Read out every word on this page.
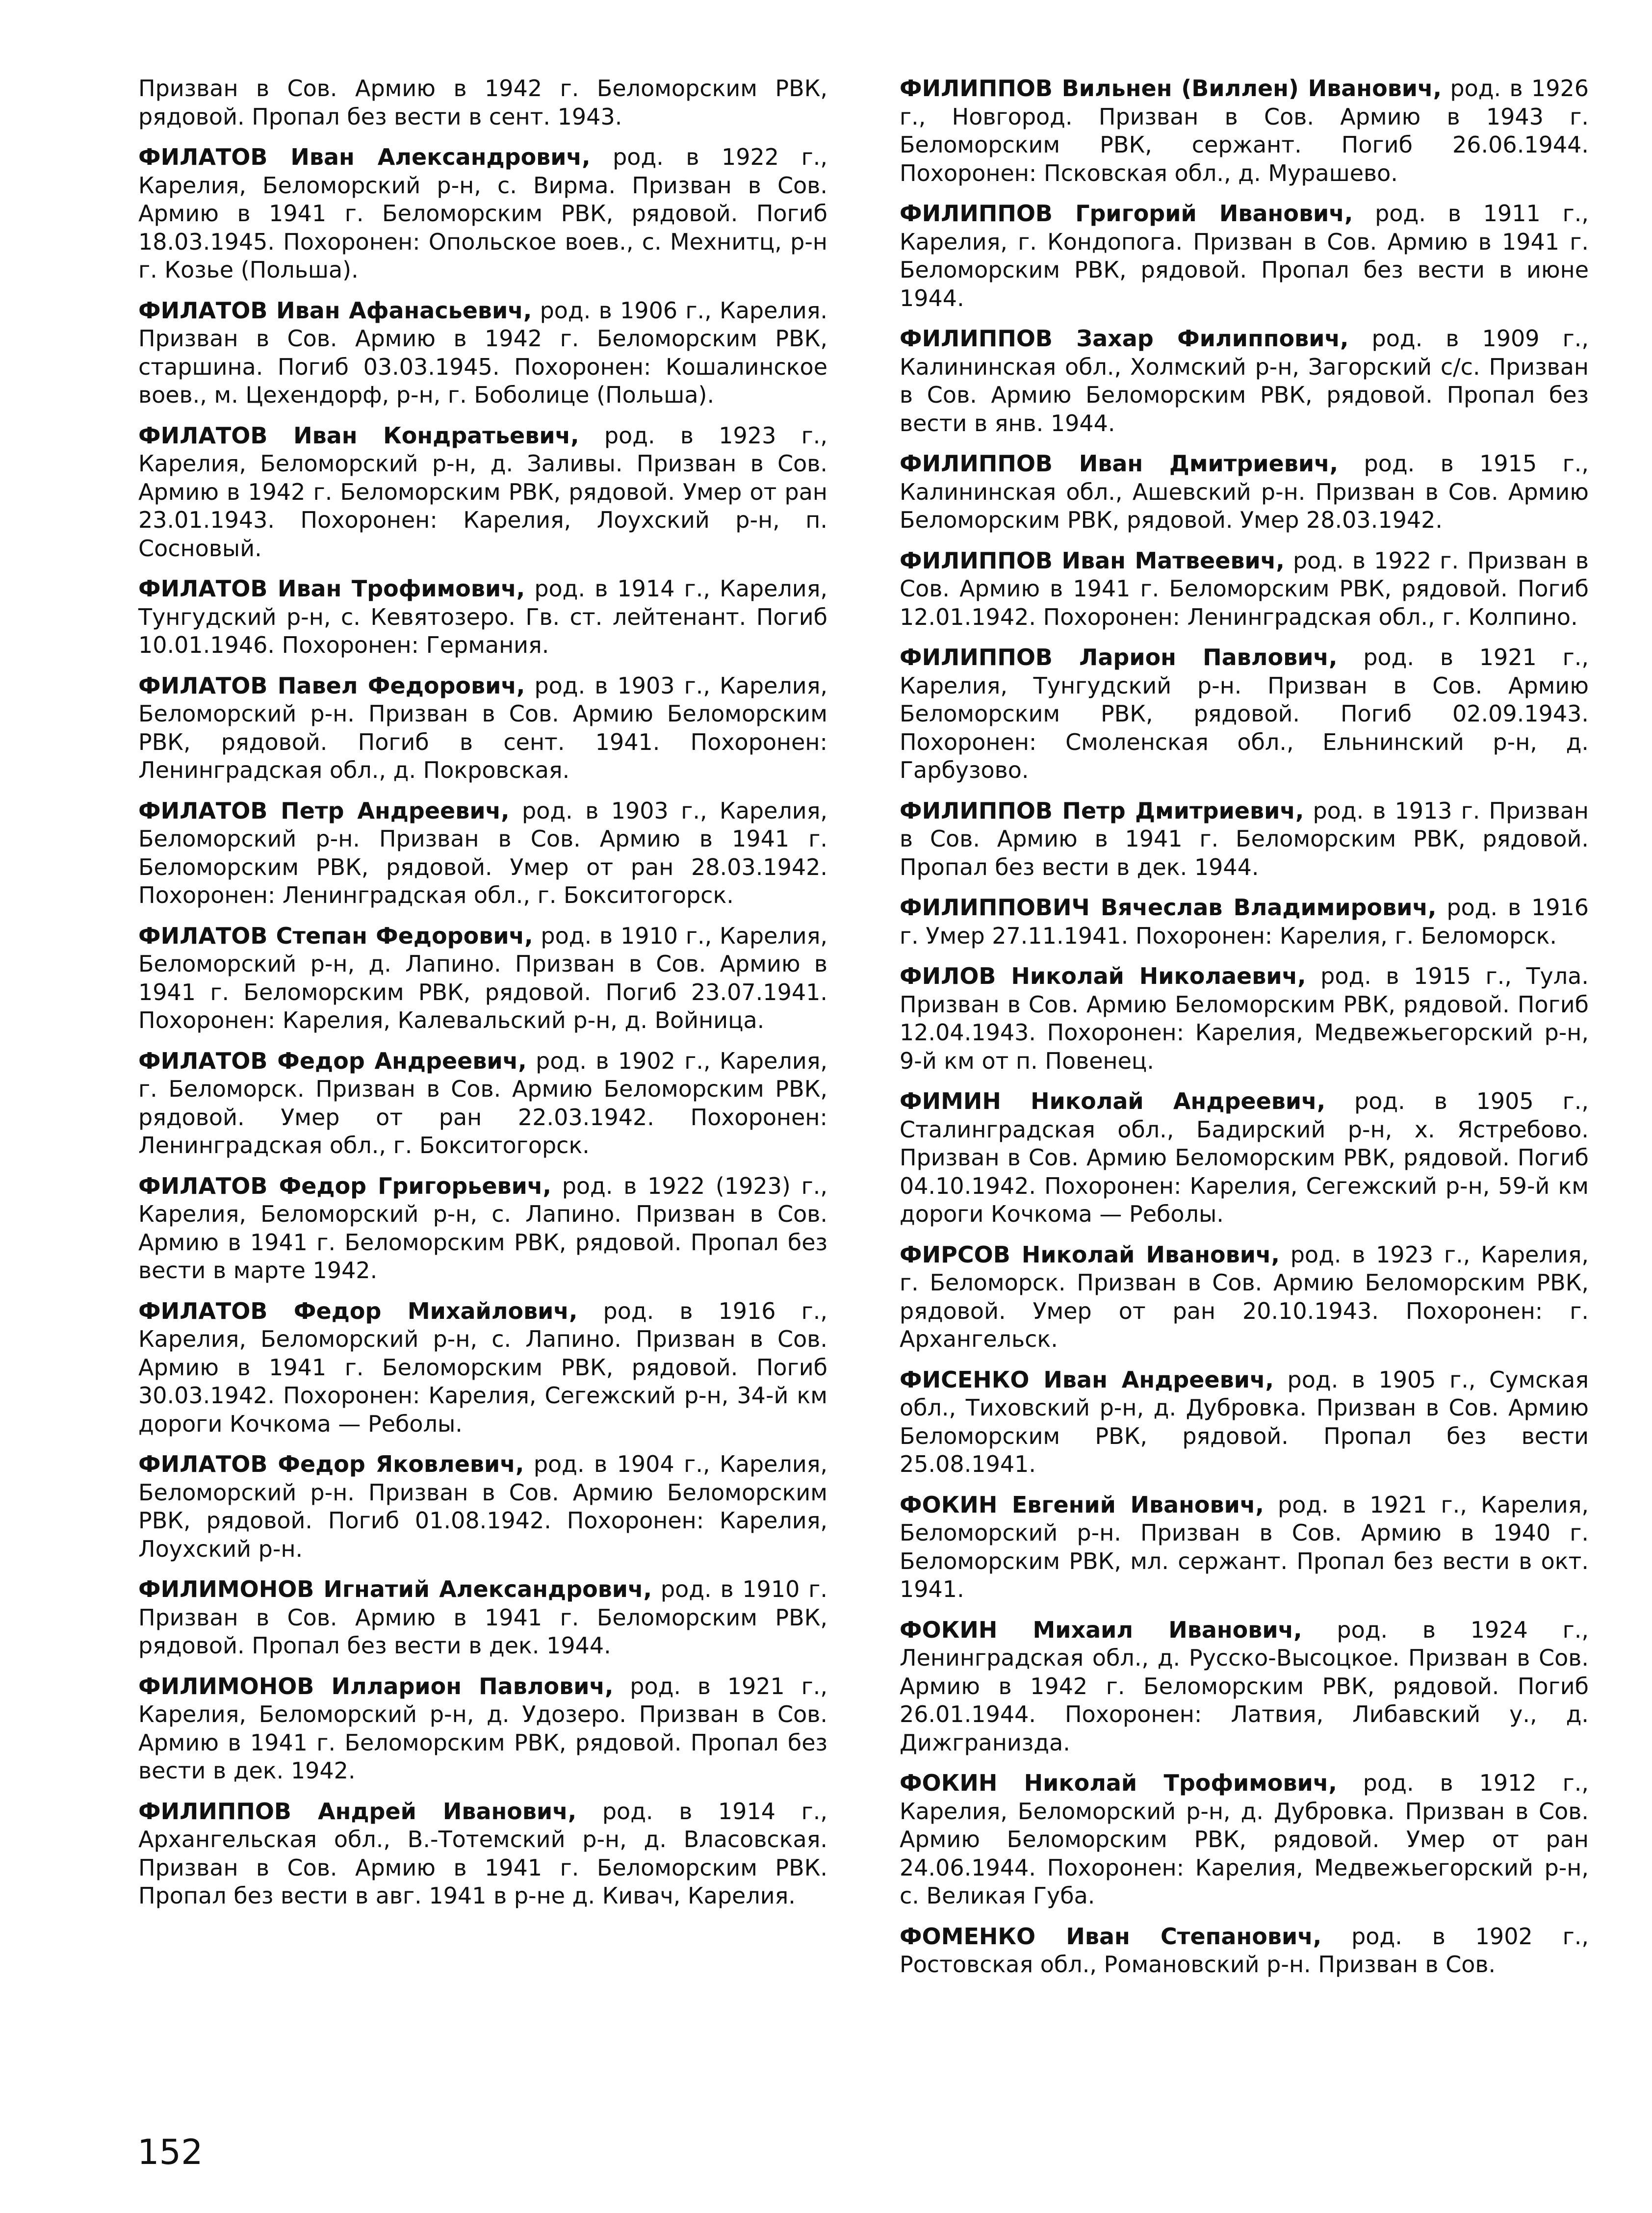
Призван в Сов. Армию в 1942 г. Беломорским РВК, рядовой. Пропал без вести в сент. 1943.

ФИЛАТОВ Иван Александрович, род. в 1922 г., Карелия, Беломорский р-н, с. Вирма. Призван в Сов. Армию в 1941 г. Беломорским РВК, рядовой. Погиб 18.03.1945. Похоронен: Опольское воев., с. Мехнитц, р-н г. Козье (Польша).

ФИЛАТОВ Иван Афанасьевич, род. в 1906 г., Карелия. Призван в Сов. Армию в 1942 г. Беломорским РВК, старшина. Погиб 03.03.1945. Похоронен: Кошалинское воев., м. Цехендорф, р-н, г. Боболице (Польша).

ФИЛАТОВ Иван Кондратьевич, род. в 1923 г., Карелия, Беломорский р-н, д. Заливы. Призван в Сов. Армию в 1942 г. Беломорским РВК, рядовой. Умер от ран 23.01.1943. Похоронен: Карелия, Лоухский р-н, п. Сосновый.

ФИЛАТОВ Иван Трофимович, род. в 1914 г., Карелия, Тунгудский р-н, с. Кевятозеро. Гв. ст. лейтенант. Погиб 10.01.1946. Похоронен: Германия.

ФИЛАТОВ Павел Федорович, род. в 1903 г., Карелия, Беломорский р-н. Призван в Сов. Армию Беломорским РВК, рядовой. Погиб в сент. 1941. Похоронен: Ленинградская обл., д. Покровская.

ФИЛАТОВ Петр Андреевич, род. в 1903 г., Карелия, Беломорский р-н. Призван в Сов. Армию в 1941 г. Беломорским РВК, рядовой. Умер от ран 28.03.1942. Похоронен: Ленинградская обл., г. Бокситогорск.

ФИЛАТОВ Степан Федорович, род. в 1910 г., Карелия, Беломорский р-н, д. Лапино. Призван в Сов. Армию в 1941 г. Беломорским РВК, рядовой. Погиб 23.07.1941. Похоронен: Карелия, Калевальский р-н, д. Войница.

ФИЛАТОВ Федор Андреевич, род. в 1902 г., Карелия, г. Беломорск. Призван в Сов. Армию Беломорским РВК, рядовой. Умер от ран 22.03.1942. Похоронен: Ленинградская обл., г. Бокситогорск.

ФИЛАТОВ Федор Григорьевич, род. в 1922 (1923) г., Карелия, Беломорский р-н, с. Лапино. Призван в Сов. Армию в 1941 г. Беломорским РВК, рядовой. Пропал без вести в марте 1942.

ФИЛАТОВ Федор Михайлович, род. в 1916 г., Карелия, Беломорский р-н, с. Лапино. Призван в Сов. Армию в 1941 г. Беломорским РВК, рядовой. Погиб 30.03.1942. Похоронен: Карелия, Сегежский р-н, 34-й км дороги Кочкома — Реболы.

ФИЛАТОВ Федор Яковлевич, род. в 1904 г., Карелия, Беломорский р-н. Призван в Сов. Армию Беломорским РВК, рядовой. Погиб 01.08.1942. Похоронен: Карелия, Лоухский р-н.

ФИЛИМОНОВ Игнатий Александрович, род. в 1910 г. Призван в Сов. Армию в 1941 г. Беломорским РВК, рядовой. Пропал без вести в дек. 1944.

ФИЛИМОНОВ Илларион Павлович, род. в 1921 г., Карелия, Беломорский р-н, д. Удозеро. Призван в Сов. Армию в 1941 г. Беломорским РВК, рядовой. Пропал без вести в дек. 1942.

ФИЛИППОВ Андрей Иванович, род. в 1914 г., Архангельская обл., В.-Тотемский р-н, д. Власовская. Призван в Сов. Армию в 1941 г. Беломорским РВК. Пропал без вести в авг. 1941 в р-не д. Кивач, Карелия.

ФИЛИППОВ Вильнен (Виллен) Иванович, род. в 1926 г., Новгород. Призван в Сов. Армию в 1943 г. Беломорским РВК, сержант. Погиб 26.06.1944. Похоронен: Псковская обл., д. Мурашево.

ФИЛИППОВ Григорий Иванович, род. в 1911 г., Карелия, г. Кондопога. Призван в Сов. Армию в 1941 г. Беломорским РВК, рядовой. Пропал без вести в июне 1944.

ФИЛИППОВ Захар Филиппович, род. в 1909 г., Калининская обл., Холмский р-н, Загорский с/с. Призван в Сов. Армию Беломорским РВК, рядовой. Пропал без вести в янв. 1944.

ФИЛИППОВ Иван Дмитриевич, род. в 1915 г., Калининская обл., Ашевский р-н. Призван в Сов. Армию Беломорским РВК, рядовой. Умер 28.03.1942.

ФИЛИППОВ Иван Матвеевич, род. в 1922 г. Призван в Сов. Армию в 1941 г. Беломорским РВК, рядовой. Погиб 12.01.1942. Похоронен: Ленинградская обл., г. Колпино.

ФИЛИППОВ Ларион Павлович, род. в 1921 г., Карелия, Тунгудский р-н. Призван в Сов. Армию Беломорским РВК, рядовой. Погиб 02.09.1943. Похоронен: Смоленская обл., Ельнинский р-н, д. Гарбузово.

ФИЛИППОВ Петр Дмитриевич, род. в 1913 г. Призван в Сов. Армию в 1941 г. Беломорским РВК, рядовой. Пропал без вести в дек. 1944.

ФИЛИППОВИЧ Вячеслав Владимирович, род. в 1916 г. Умер 27.11.1941. Похоронен: Карелия, г. Беломорск.

ФИЛОВ Николай Николаевич, род. в 1915 г., Тула. Призван в Сов. Армию Беломорским РВК, рядовой. Погиб 12.04.1943. Похоронен: Карелия, Медвежьегорский р-н, 9-й км от п. Повенец.

ФИМИН Николай Андреевич, род. в 1905 г., Сталинградская обл., Бадирский р-н, х. Ястребово. Призван в Сов. Армию Беломорским РВК, рядовой. Погиб 04.10.1942. Похоронен: Карелия, Сегежский р-н, 59-й км дороги Кочкома — Реболы.

ФИРСОВ Николай Иванович, род. в 1923 г., Карелия, г. Беломорск. Призван в Сов. Армию Беломорским РВК, рядовой. Умер от ран 20.10.1943. Похоронен: г. Архангельск.

ФИСЕНКО Иван Андреевич, род. в 1905 г., Сумская обл., Тиховский р-н, д. Дубровка. Призван в Сов. Армию Беломорским РВК, рядовой. Пропал без вести 25.08.1941.

ФОКИН Евгений Иванович, род. в 1921 г., Карелия, Беломорский р-н. Призван в Сов. Армию в 1940 г. Беломорским РВК, мл. сержант. Пропал без вести в окт. 1941.

ФОКИН Михаил Иванович, род. в 1924 г., Ленинградская обл., д. Русско-Высоцкое. Призван в Сов. Армию в 1942 г. Беломорским РВК, рядовой. Погиб 26.01.1944. Похоронен: Латвия, Либавский у., д. Дижгранизда.

ФОКИН Николай Трофимович, род. в 1912 г., Карелия, Беломорский р-н, д. Дубровка. Призван в Сов. Армию Беломорским РВК, рядовой. Умер от ран 24.06.1944. Похоронен: Карелия, Медвежьегорский р-н, с. Великая Губа.

ФОМЕНКО Иван Степанович, род. в 1902 г., Ростовская обл., Романовский р-н. Призван в Сов.

152
